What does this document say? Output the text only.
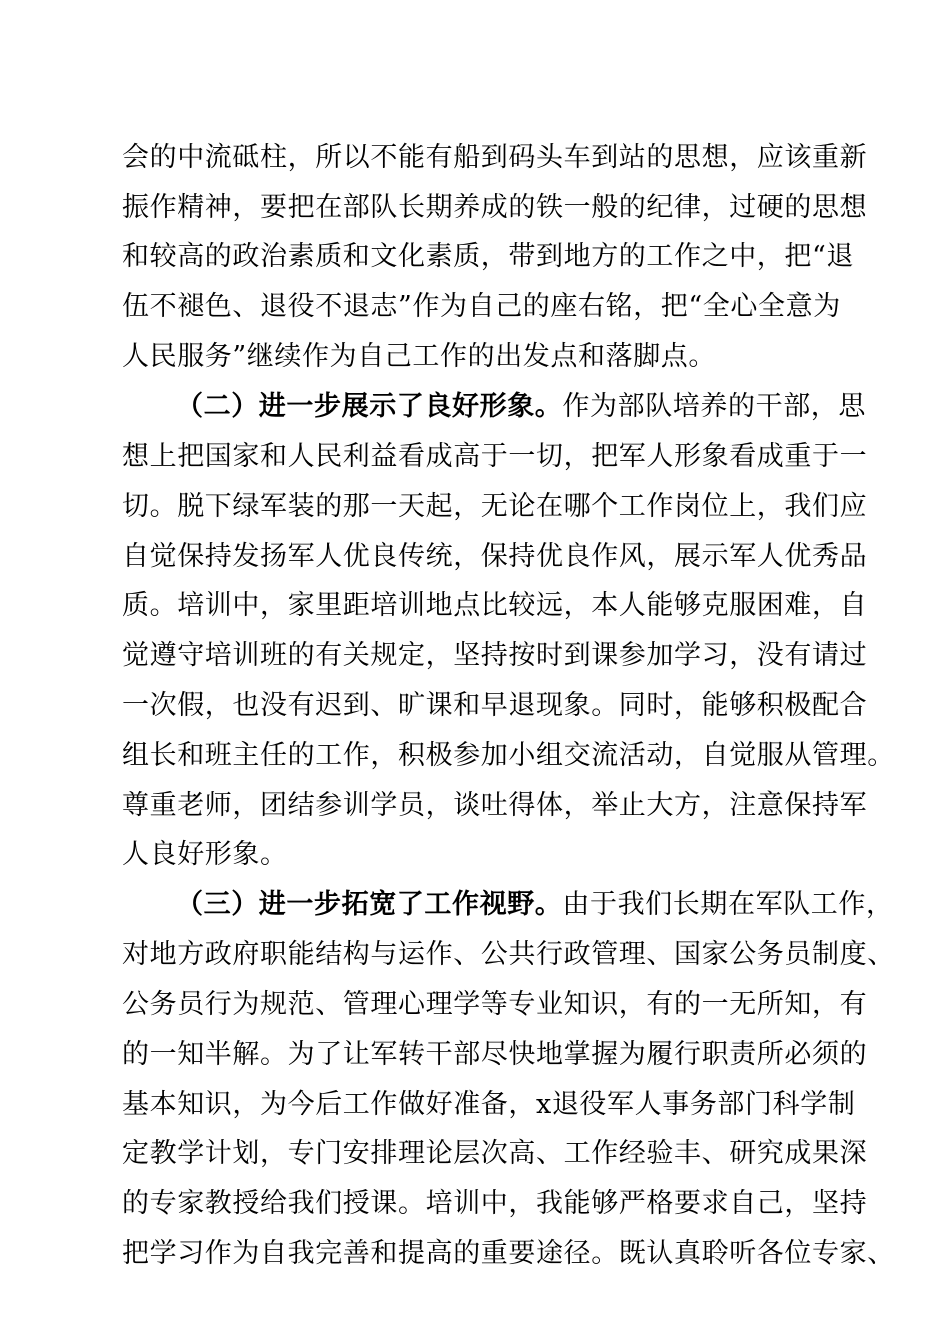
会的中流砥柱，所以不能有船到码头车到站的思想，应该重新
振作精神，要把在部队长期养成的铁一般的纪律，过硬的思想
和较高的政治素质和文化素质，带到地方的工作之中，把“退
伍不褪色、退役不退志”作为自己的座右铭，把“全心全意为
人民服务”继续作为自己工作的出发点和落脚点。
（二）进一步展示了良好形象。作为部队培养的干部，思
想上把国家和人民利益看成高于一切，把军人形象看成重于一
切。脱下绿军装的那一天起，无论在哪个工作岗位上，我们应
自觉保持发扬军人优良传统，保持优良作风，展示军人优秀品
质。培训中，家里距培训地点比较远，本人能够克服困难，自
觉遵守培训班的有关规定，坚持按时到课参加学习，没有请过
一次假，也没有迟到、旷课和早退现象。同时，能够积极配合
组长和班主任的工作，积极参加小组交流活动，自觉服从管理。
尊重老师，团结参训学员，谈吐得体，举止大方，注意保持军
人良好形象。
（三）进一步拓宽了工作视野。由于我们长期在军队工作，
对地方政府职能结构与运作、公共行政管理、国家公务员制度、
公务员行为规范、管理心理学等专业知识，有的一无所知，有
的一知半解。为了让军转干部尽快地掌握为履行职责所必须的
基本知识，为今后工作做好准备，x退役军人事务部门科学制
定教学计划，专门安排理论层次高、工作经验丰、研究成果深
的专家教授给我们授课。培训中，我能够严格要求自己，坚持
把学习作为自我完善和提高的重要途径。既认真聆听各位专家、
